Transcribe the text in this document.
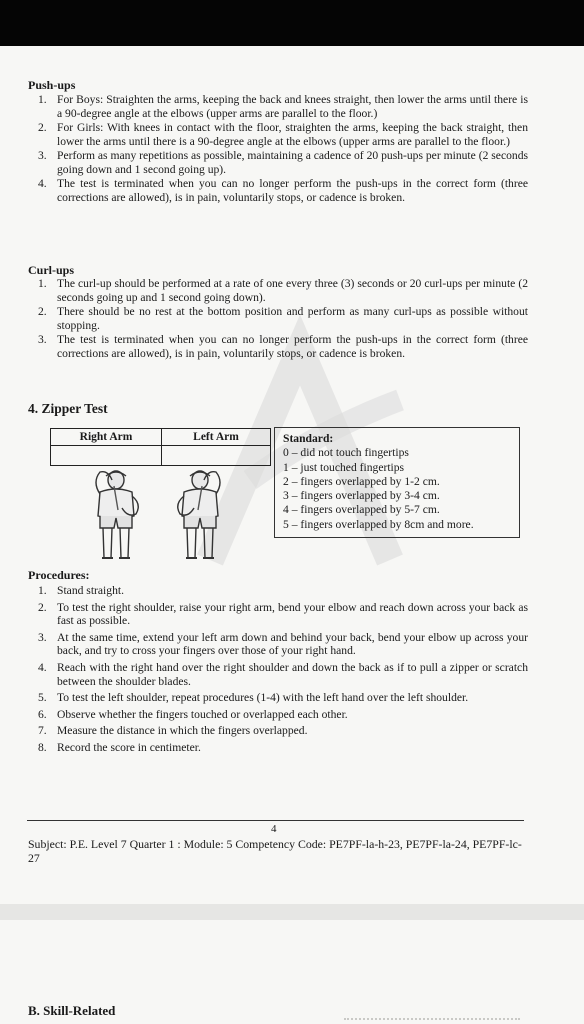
Push-ups
1. For Boys: Straighten the arms, keeping the back and knees straight, then lower the arms until there is a 90-degree angle at the elbows (upper arms are parallel to the floor.)
2. For Girls: With knees in contact with the floor, straighten the arms, keeping the back straight, then lower the arms until there is a 90-degree angle at the elbows (upper arms are parallel to the floor.)
3. Perform as many repetitions as possible, maintaining a cadence of 20 push-ups per minute (2 seconds going down and 1 second going up).
4. The test is terminated when you can no longer perform the push-ups in the correct form (three corrections are allowed), is in pain, voluntarily stops, or cadence is broken.
Curl-ups
1. The curl-up should be performed at a rate of one every three (3) seconds or 20 curl-ups per minute (2 seconds going up and 1 second going down).
2. There should be no rest at the bottom position and perform as many curl-ups as possible without stopping.
3. The test is terminated when you can no longer perform the push-ups in the correct form (three corrections are allowed), is in pain, voluntarily stops, or cadence is broken.
4. Zipper Test
Right Arm	Left Arm
		Standard:
0 – did not touch fingertips
1 – just touched fingertips
2 – fingers overlapped by 1-2 cm.
3 – fingers overlapped by 3-4 cm.
4 – fingers overlapped by 5-7 cm.
5 – fingers overlapped by 8cm and more.
Procedures:
1. Stand straight.
2. To test the right shoulder, raise your right arm, bend your elbow and reach down across your back as fast as possible.
3. At the same time, extend your left arm down and behind your back, bend your elbow up across your back, and try to cross your fingers over those of your right hand.
4. Reach with the right hand over the right shoulder and down the back as if to pull a zipper or scratch between the shoulder blades.
5. To test the left shoulder, repeat procedures (1-4) with the left hand over the left shoulder.
6. Observe whether the fingers touched or overlapped each other.
7. Measure the distance in which the fingers overlapped.
8. Record the score in centimeter.
4
Subject: P.E. Level 7 Quarter 1 : Module: 5 Competency Code: PE7PF-la-h-23, PE7PF-la-24, PE7PF-lc-27
B. Skill-Related
